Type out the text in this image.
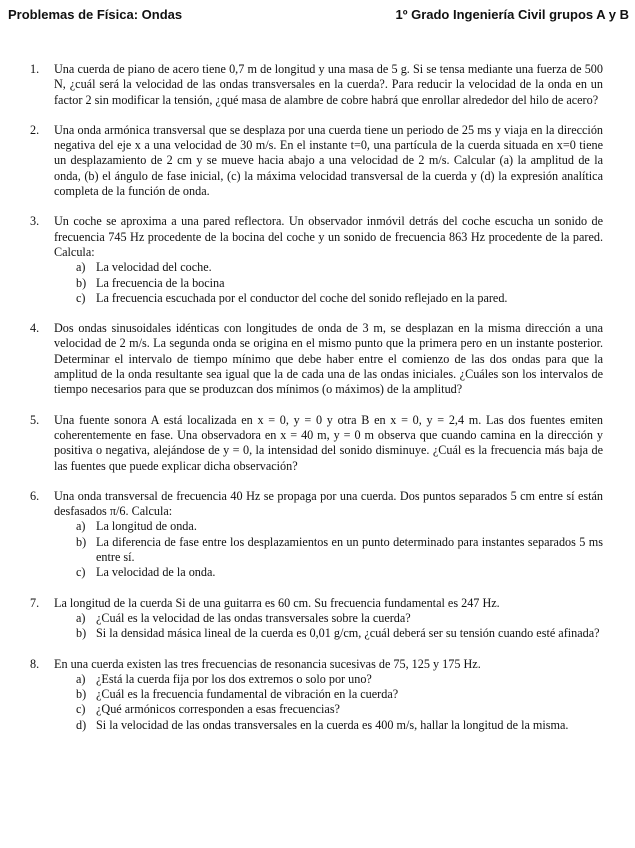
Problemas de Física: Ondas	1º Grado Ingeniería Civil grupos A y B
1. Una cuerda de piano de acero tiene 0,7 m de longitud y una masa de 5 g. Si se tensa mediante una fuerza de 500 N, ¿cuál será la velocidad de las ondas transversales en la cuerda?. Para reducir la velocidad de la onda en un factor 2 sin modificar la tensión, ¿qué masa de alambre de cobre habrá que enrollar alrededor del hilo de acero?
2. Una onda armónica transversal que se desplaza por una cuerda tiene un periodo de 25 ms y viaja en la dirección negativa del eje x a una velocidad de 30 m/s. En el instante t=0, una partícula de la cuerda situada en x=0 tiene un desplazamiento de 2 cm y se mueve hacia abajo a una velocidad de 2 m/s. Calcular (a) la amplitud de la onda, (b) el ángulo de fase inicial, (c) la máxima velocidad transversal de la cuerda y (d) la expresión analítica completa de la función de onda.
3. Un coche se aproxima a una pared reflectora. Un observador inmóvil detrás del coche escucha un sonido de frecuencia 745 Hz procedente de la bocina del coche y un sonido de frecuencia 863 Hz procedente de la pared. Calcula:
a) La velocidad del coche.
b) La frecuencia de la bocina
c) La frecuencia escuchada por el conductor del coche del sonido reflejado en la pared.
4. Dos ondas sinusoidales idénticas con longitudes de onda de 3 m, se desplazan en la misma dirección a una velocidad de 2 m/s. La segunda onda se origina en el mismo punto que la primera pero en un instante posterior. Determinar el intervalo de tiempo mínimo que debe haber entre el comienzo de las dos ondas para que la amplitud de la onda resultante sea igual que la de cada una de las ondas iniciales. ¿Cuáles son los intervalos de tiempo necesarios para que se produzcan dos mínimos (o máximos) de la amplitud?
5. Una fuente sonora A está localizada en x = 0, y = 0 y otra B en x = 0, y = 2,4 m. Las dos fuentes emiten coherentemente en fase. Una observadora en x = 40 m, y = 0 m observa que cuando camina en la dirección y positiva o negativa, alejándose de y = 0, la intensidad del sonido disminuye. ¿Cuál es la frecuencia más baja de las fuentes que puede explicar dicha observación?
6. Una onda transversal de frecuencia 40 Hz se propaga por una cuerda. Dos puntos separados 5 cm entre sí están desfasados π/6. Calcula:
a) La longitud de onda.
b) La diferencia de fase entre los desplazamientos en un punto determinado para instantes separados 5 ms entre sí.
c) La velocidad de la onda.
7. La longitud de la cuerda Si de una guitarra es 60 cm. Su frecuencia fundamental es 247 Hz.
a) ¿Cuál es la velocidad de las ondas transversales sobre la cuerda?
b) Si la densidad másica lineal de la cuerda es 0,01 g/cm, ¿cuál deberá ser su tensión cuando esté afinada?
8. En una cuerda existen las tres frecuencias de resonancia sucesivas de 75, 125 y 175 Hz.
a) ¿Está la cuerda fija por los dos extremos o solo por uno?
b) ¿Cuál es la frecuencia fundamental de vibración en la cuerda?
c) ¿Qué armónicos corresponden a esas frecuencias?
d) Si la velocidad de las ondas transversales en la cuerda es 400 m/s, hallar la longitud de la misma.
